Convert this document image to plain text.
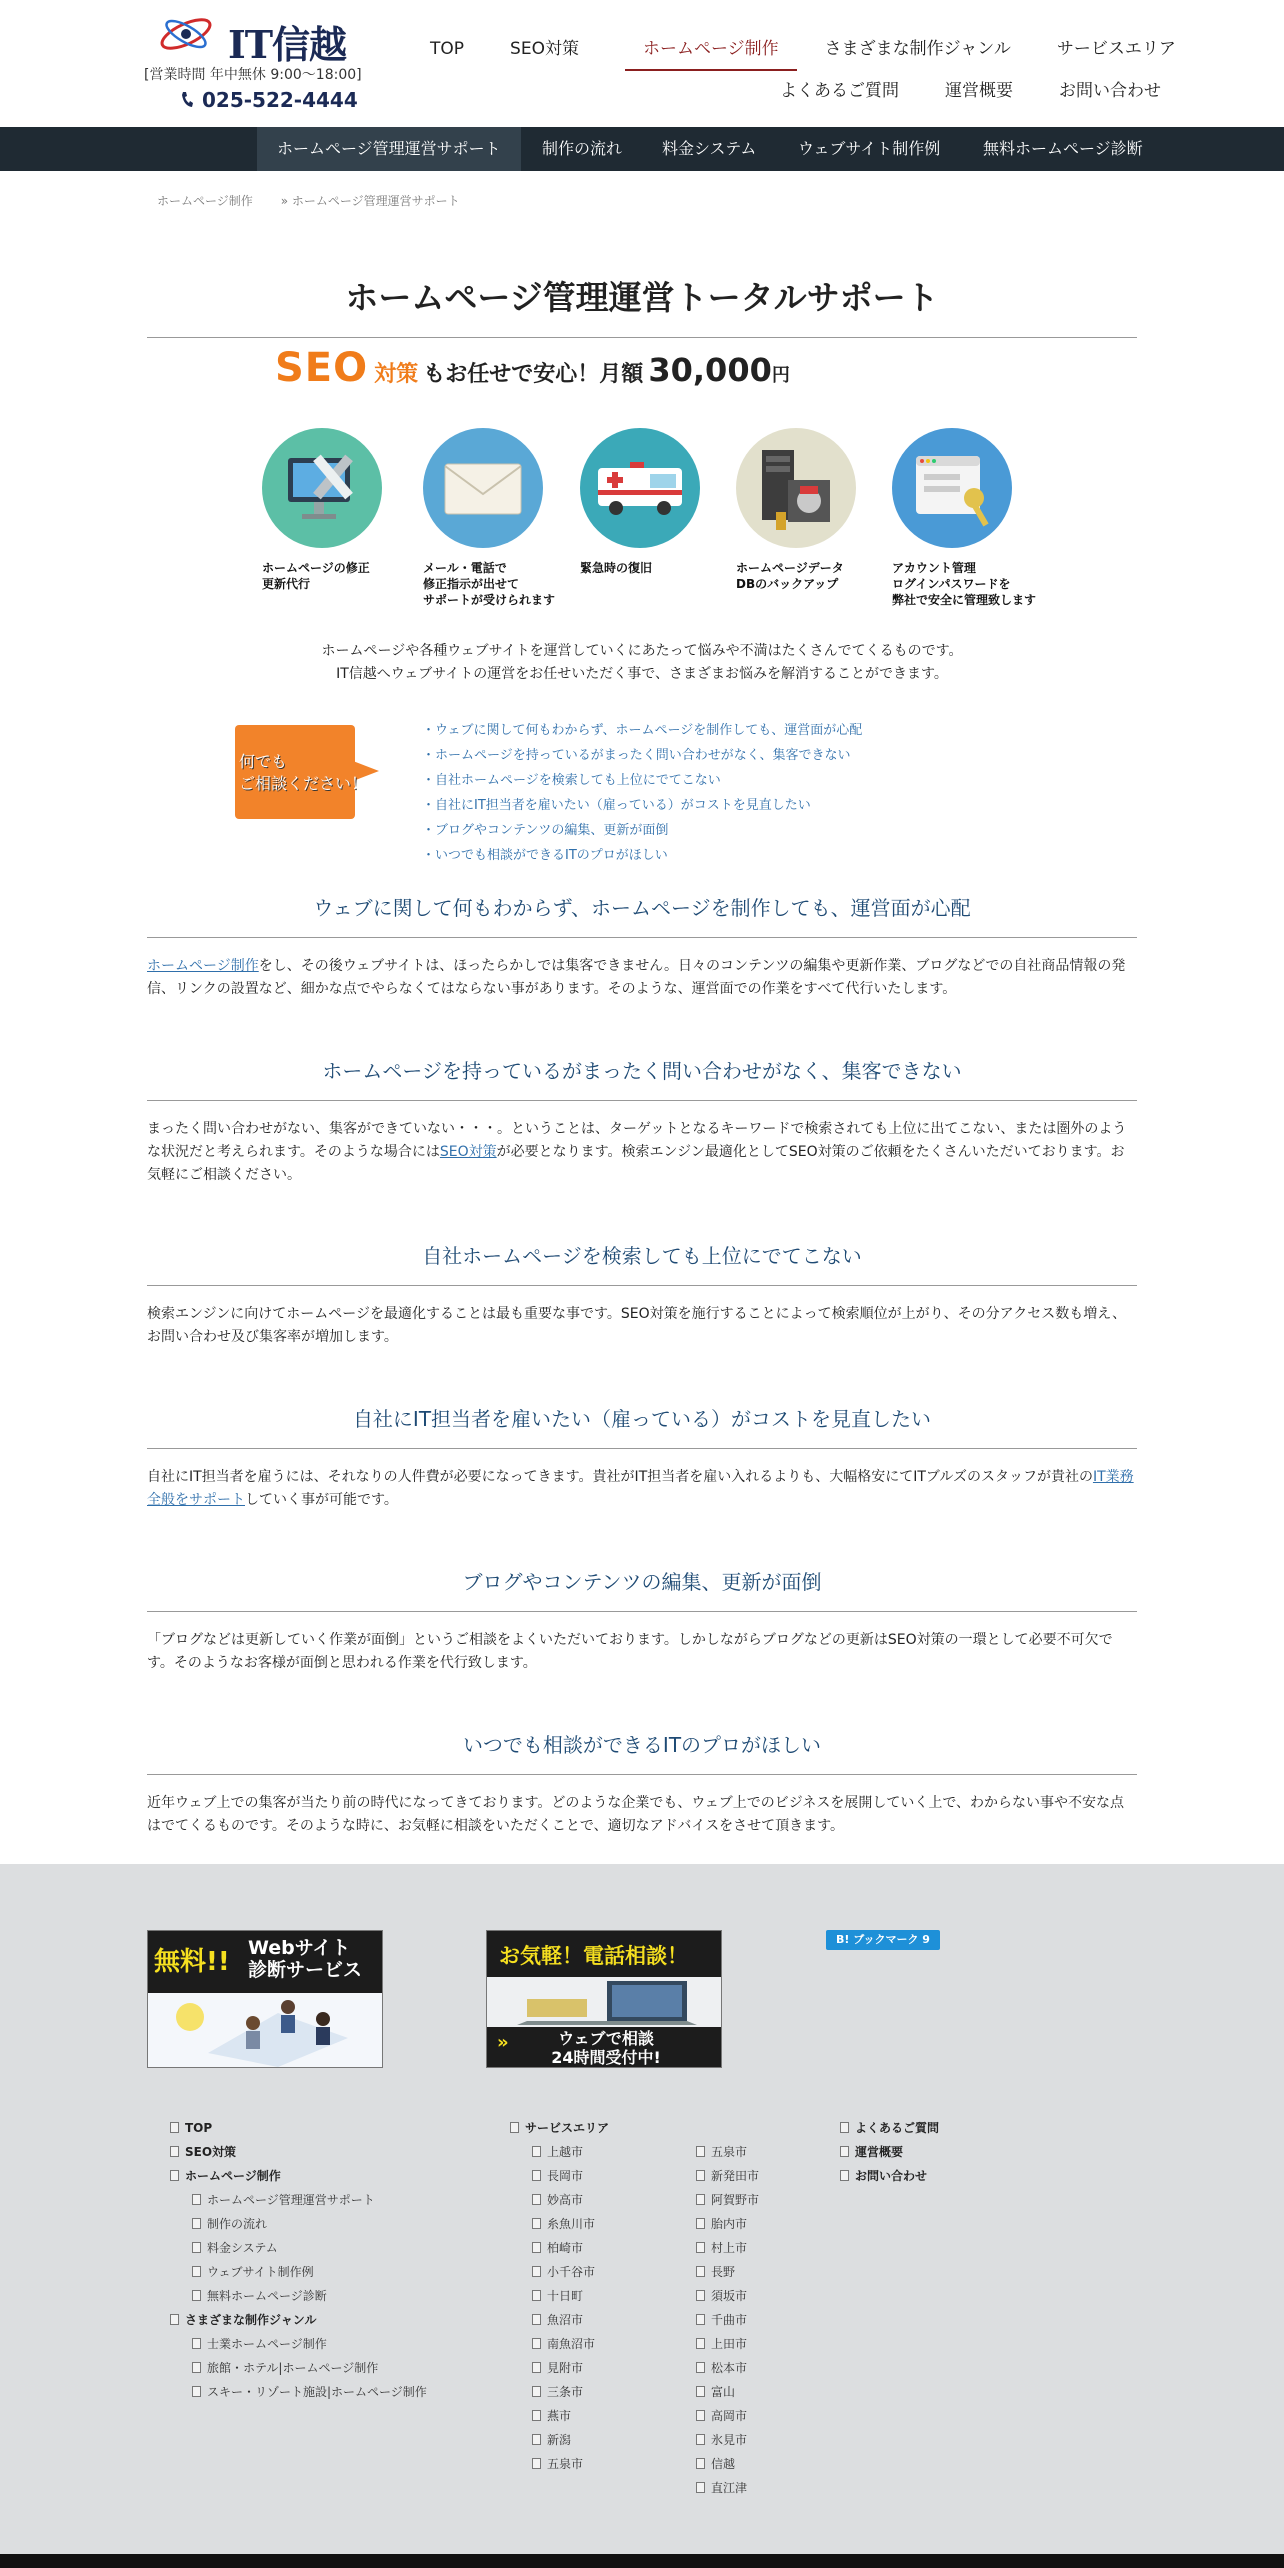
IT信越
[営業時間 年中無休 9:00〜18:00]
025-522-4444
TOP	SEO対策	ホームページ制作	さまざまな制作ジャンル	サービスエリア
よくあるご質問	運営概要	お問い合わせ
ホームページ管理運営サポート	制作の流れ	料金システム	ウェブサイト制作例	無料ホームページ診断
ホームページ制作 » ホームページ管理運営サポート
ホームページ管理運営トータルサポート
SEO 対策 もお任せで安心！月額 30,000円
ホームページの修正
更新代行
メール・電話で
修正指示が出せて
サポートが受けられます
緊急時の復旧	ホームページデータ
DBのバックアップ
アカウント管理
ログインパスワードを
弊社で安全に管理致します
ホームページや各種ウェブサイトを運営していくにあたって悩みや不満はたくさんでてくるものです。
IT信越へウェブサイトの運営をお任せいただく事で、さまざまお悩みを解消することができます。
何でも
ご相談ください！
・ ウェブに関して何もわからず、ホームページを制作しても、運営面が心配
・ ホームページを持っているがまったく問い合わせがなく、集客できない
・ 自社ホームページを検索しても上位にでてこない
・ 自社にIT担当者を雇いたい（雇っている）がコストを見直したい
・ ブログやコンテンツの編集、更新が面倒
・ いつでも相談ができるITのプロがほしい
ウェブに関して何もわからず、ホームページを制作しても、運営面が心配

ホームページ制作をし、その後ウェブサイトは、ほったらかしでは集客できません。日々のコンテンツの編集や更新作業、ブログなどでの自社商品情報の発信、リンクの設置など、細かな点でやらなくてはならない事があります。そのような、運営面での作業をすべて代行いたします。

ホームページを持っているがまったく問い合わせがなく、集客できない

まったく問い合わせがない、集客ができていない・・・。ということは、ターゲットとなるキーワードで検索されても上位に出てこない、または圏外のような状況だと考えられます。そのような場合にはSEO対策が必要となります。検索エンジン最適化としてSEO対策のご依頼をたくさんいただいております。お気軽にご相談ください。

自社ホームページを検索しても上位にでてこない

検索エンジンに向けてホームページを最適化することは最も重要な事です。SEO対策を施行することによって検索順位が上がり、その分アクセス数も増え、お問い合わせ及び集客率が増加します。

自社にIT担当者を雇いたい（雇っている）がコストを見直したい

自社にIT担当者を雇うには、それなりの人件費が必要になってきます。貴社がIT担当者を雇い入れるよりも、大幅格安にてITブルズのスタッフが貴社のIT業務全般をサポートしていく事が可能です。

ブログやコンテンツの編集、更新が面倒

「ブログなどは更新していく作業が面倒」というご相談をよくいただいております。しかしながらブログなどの更新はSEO対策の一環として必要不可欠です。そのようなお客様が面倒と思われる作業を代行致します。

いつでも相談ができるITのプロがほしい

近年ウェブ上での集客が当たり前の時代になってきております。どのような企業でも、ウェブ上でのビジネスを展開していく上で、わからない事や不安な点はでてくるものです。そのような時に、お気軽に相談をいただくことで、適切なアドバイスをさせて頂きます。

無料!! Webサイト
診断サービス
お気軽！電話相談！
»	ウェブで相談
24時間受付中!
B! ブックマーク 9
TOP
SEO対策
ホームページ制作
ホームページ管理運営サポート
制作の流れ
料金システム
ウェブサイト制作例
無料ホームページ診断
さまざまな制作ジャンル
士業ホームページ制作
旅館・ホテル|ホームページ制作
スキー・リゾート施設|ホームページ制作
サービスエリア
上越市
長岡市
妙高市
糸魚川市
柏崎市
小千谷市
十日町
魚沼市
南魚沼市
見附市
三条市
燕市
新潟
五泉市
五泉市
新発田市
阿賀野市
胎内市
村上市
長野
須坂市
千曲市
上田市
松本市
富山
高岡市
氷見市
信越
直江津
よくあるご質問
運営概要
お問い合わせ
